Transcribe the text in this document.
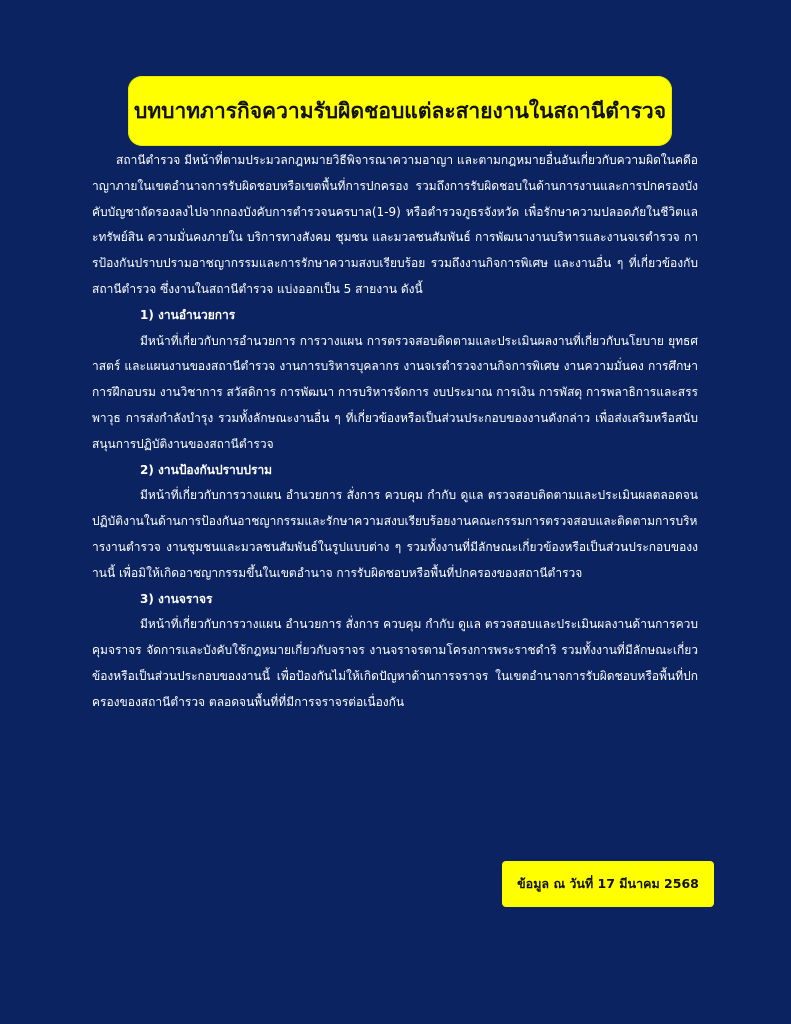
บทบาทภารกิจความรับผิดชอบแต่ละสายงานในสถานีตำรวจ

สถานีตำรวจ มีหน้าที่ตามประมวลกฎหมายวิธีพิจารณาความอาญา และตามกฎหมายอื่นอันเกี่ยวกับความผิดในคดีอาญาภายในเขตอำนาจการรับผิดชอบหรือเขตพื้นที่การปกครอง รวมถึงการรับผิดชอบในด้านการงานและการปกครองบังคับบัญชาถัดรองลงไปจากกองบังคับการตำรวจนครบาล(1-9) หรือตำรวจภูธรจังหวัด เพื่อรักษาความปลอดภัยในชีวิตและทรัพย์สิน ความมั่นคงภายใน บริการทางสังคม ชุมชน และมวลชนสัมพันธ์ การพัฒนางานบริหารและงานจเรตำรวจ การป้องกันปราบปรามอาชญากรรมและการรักษาความสงบเรียบร้อย รวมถึงงานกิจการพิเศษ และงานอื่น ๆ ที่เกี่ยวข้องกับสถานีตำรวจ ซึ่งงานในสถานีตำรวจ แบ่งออกเป็น 5 สายงาน ดังนี้

1) งานอำนวยการ

มีหน้าที่เกี่ยวกับการอำนวยการ การวางแผน การตรวจสอบติดตามและประเมินผลงานที่เกี่ยวกับนโยบาย ยุทธศาสตร์ และแผนงานของสถานีตำรวจ งานการบริหารบุคลากร งานจเรตำรวจงานกิจการพิเศษ งานความมั่นคง การศึกษา การฝึกอบรม งานวิชาการ สวัสดิการ การพัฒนา การบริหารจัดการ งบประมาณ การเงิน การพัสดุ การพลาธิการและสรรพาวุธ การส่งกำลังบำรุง รวมทั้งลักษณะงานอื่น ๆ ที่เกี่ยวข้องหรือเป็นส่วนประกอบของงานดังกล่าว เพื่อส่งเสริมหรือสนับสนุนการปฏิบัติงานของสถานีตำรวจ

2) งานป้องกันปราบปราม

มีหน้าที่เกี่ยวกับการวางแผน อำนวยการ สั่งการ ควบคุม กำกับ ดูแล ตรวจสอบติดตามและประเมินผลตลอดจนปฏิบัติงานในด้านการป้องกันอาชญากรรมและรักษาความสงบเรียบร้อยงานคณะกรรมการตรวจสอบและติดตามการบริหารงานตำรวจ งานชุมชนและมวลชนสัมพันธ์ในรูปแบบต่าง ๆ รวมทั้งงานที่มีลักษณะเกี่ยวข้องหรือเป็นส่วนประกอบของงานนี้ เพื่อมิให้เกิดอาชญากรรมขึ้นในเขตอำนาจ การรับผิดชอบหรือพื้นที่ปกครองของสถานีตำรวจ

3) งานจราจร

มีหน้าที่เกี่ยวกับการวางแผน อำนวยการ สั่งการ ควบคุม กำกับ ดูแล ตรวจสอบและประเมินผลงานด้านการควบคุมจราจร จัดการและบังคับใช้กฎหมายเกี่ยวกับจราจร งานจราจรตามโครงการพระราชดำริ รวมทั้งงานที่มีลักษณะเกี่ยวข้องหรือเป็นส่วนประกอบของงานนี้ เพื่อป้องกันไม่ให้เกิดปัญหาด้านการจราจร ในเขตอำนาจการรับผิดชอบหรือพื้นที่ปกครองของสถานีตำรวจ ตลอดจนพื้นที่ที่มีการจราจรต่อเนื่องกัน

ข้อมูล ณ วันที่ 17 มีนาคม 2568
